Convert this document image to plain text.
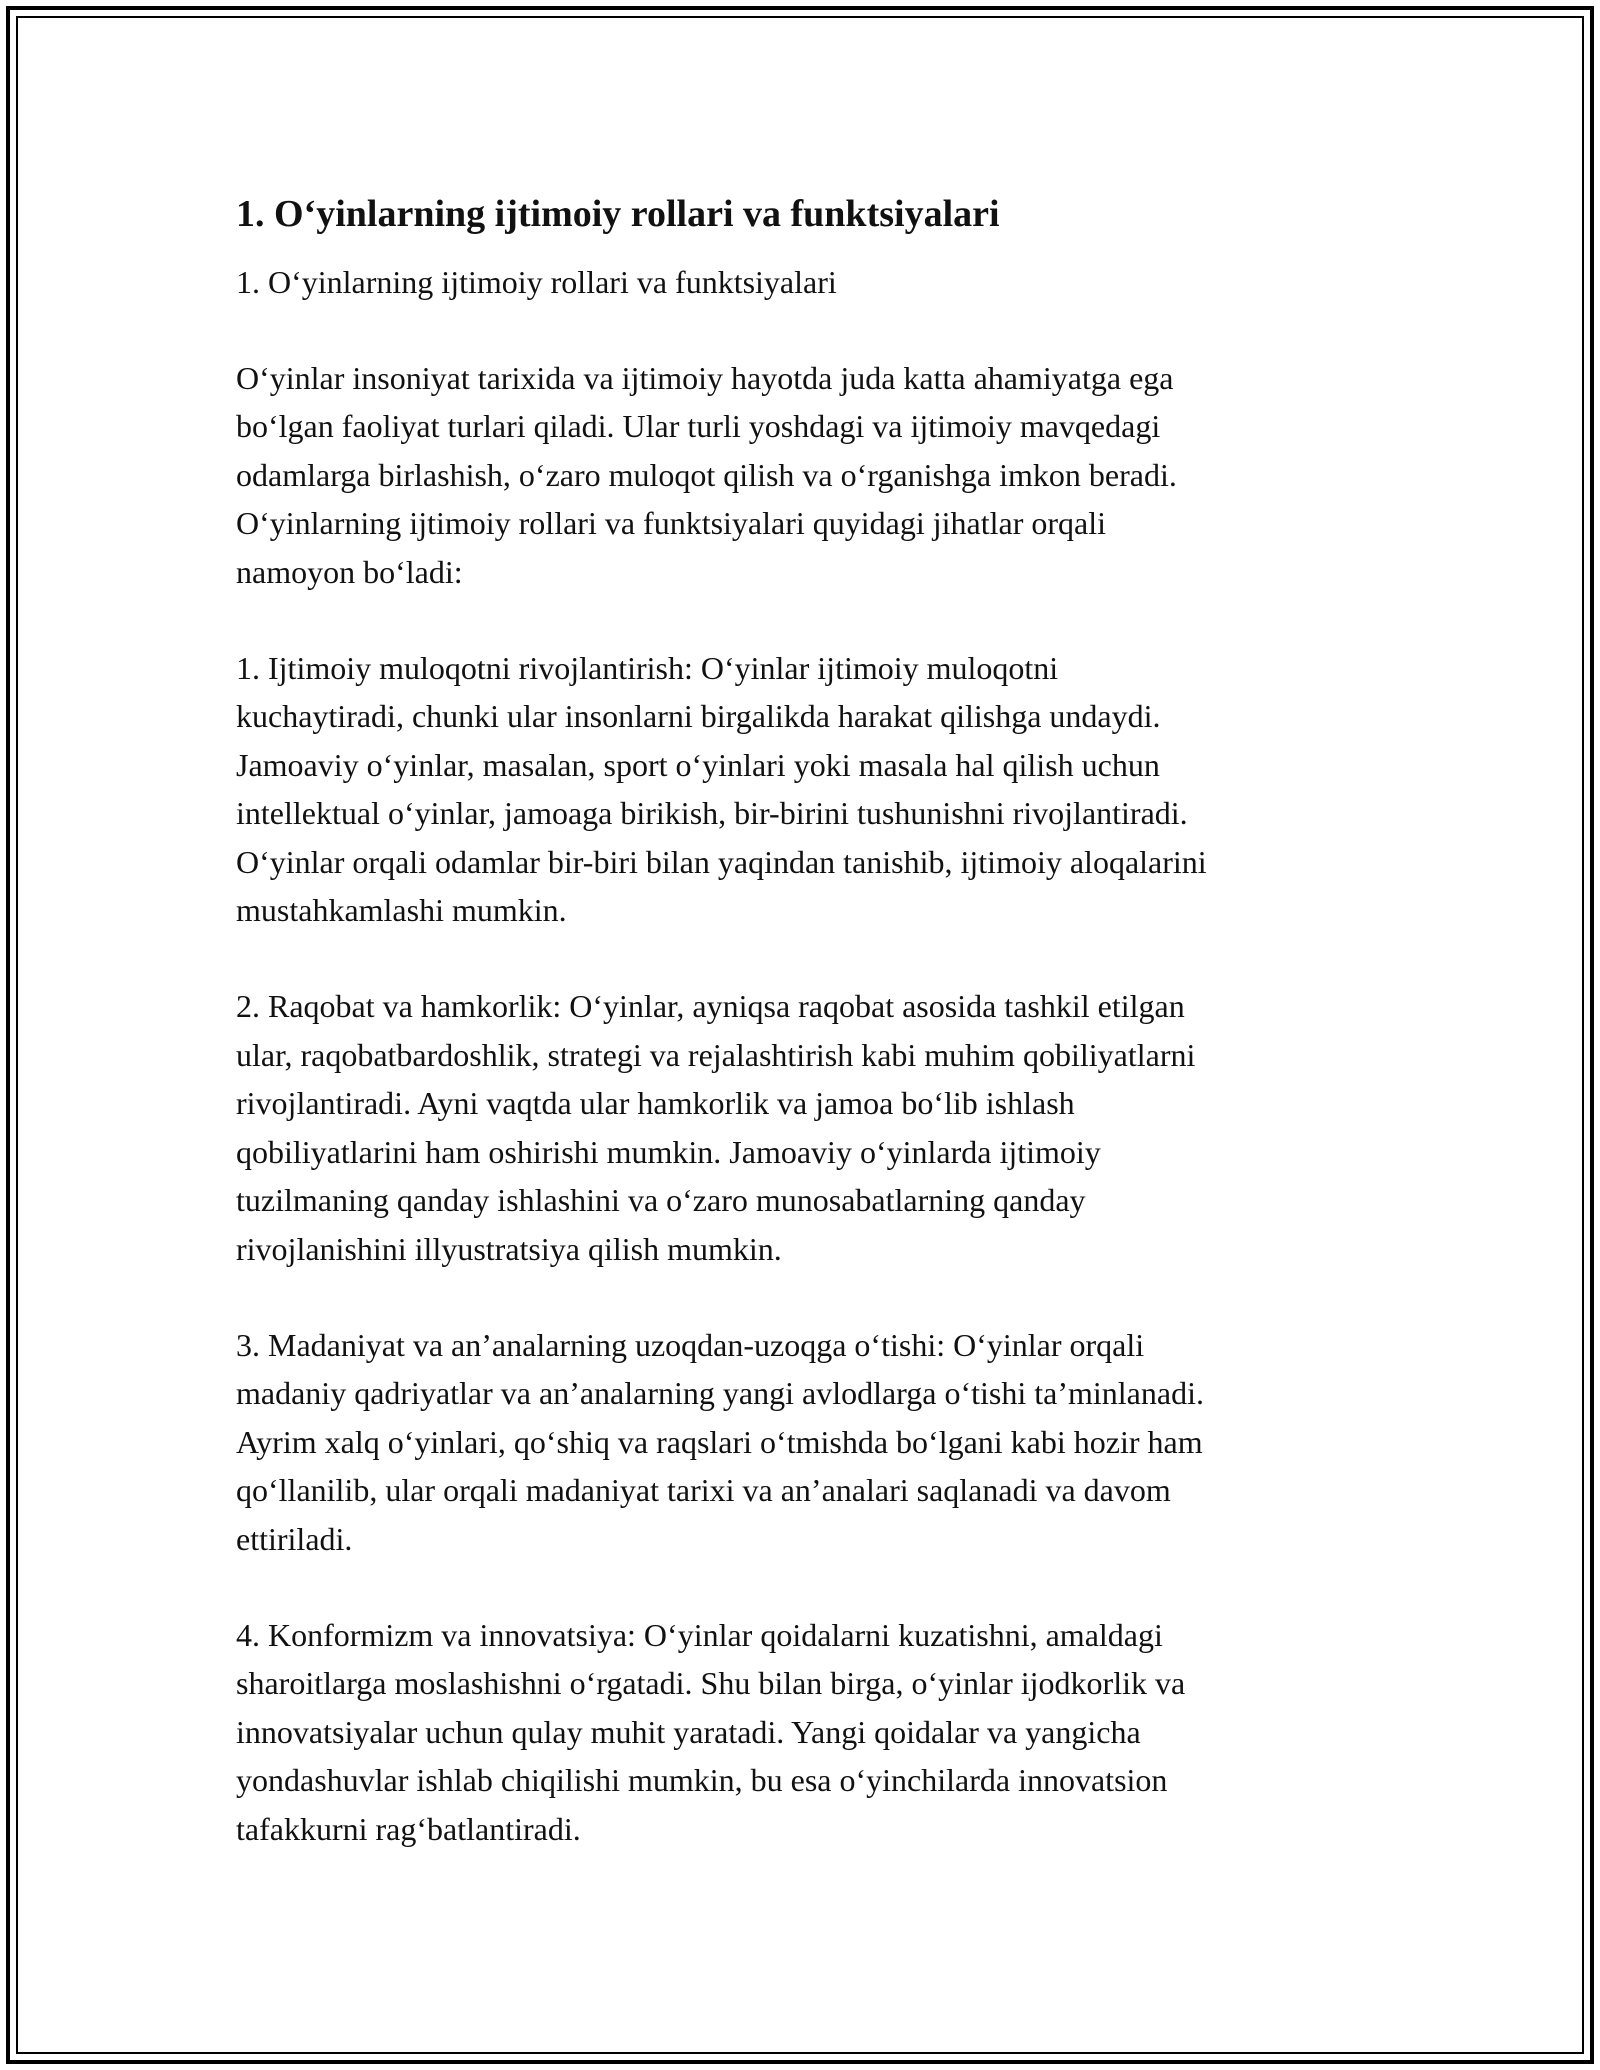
1. O‘yinlarning ijtimoiy rollari va funktsiyalari

1. O‘yinlarning ijtimoiy rollari va funktsiyalari

O‘yinlar insoniyat tarixida va ijtimoiy hayotda juda katta ahamiyatga ega
bo‘lgan faoliyat turlari qiladi. Ular turli yoshdagi va ijtimoiy mavqedagi
odamlarga birlashish, o‘zaro muloqot qilish va o‘rganishga imkon beradi.
O‘yinlarning ijtimoiy rollari va funktsiyalari quyidagi jihatlar orqali
namoyon bo‘ladi:

1. Ijtimoiy muloqotni rivojlantirish: O‘yinlar ijtimoiy muloqotni
kuchaytiradi, chunki ular insonlarni birgalikda harakat qilishga undaydi.
Jamoaviy o‘yinlar, masalan, sport o‘yinlari yoki masala hal qilish uchun
intellektual o‘yinlar, jamoaga birikish, bir-birini tushunishni rivojlantiradi.
O‘yinlar orqali odamlar bir-biri bilan yaqindan tanishib, ijtimoiy aloqalarini
mustahkamlashi mumkin.

2. Raqobat va hamkorlik: O‘yinlar, ayniqsa raqobat asosida tashkil etilgan
ular, raqobatbardoshlik, strategi va rejalashtirish kabi muhim qobiliyatlarni
rivojlantiradi. Ayni vaqtda ular hamkorlik va jamoa bo‘lib ishlash
qobiliyatlarini ham oshirishi mumkin. Jamoaviy o‘yinlarda ijtimoiy
tuzilmaning qanday ishlashini va o‘zaro munosabatlarning qanday
rivojlanishini illyustratsiya qilish mumkin.

3. Madaniyat va an’analarning uzoqdan-uzoqga o‘tishi: O‘yinlar orqali
madaniy qadriyatlar va an’analarning yangi avlodlarga o‘tishi ta’minlanadi.
Ayrim xalq o‘yinlari, qo‘shiq va raqslari o‘tmishda bo‘lgani kabi hozir ham
qo‘llanilib, ular orqali madaniyat tarixi va an’analari saqlanadi va davom
ettiriladi.

4. Konformizm va innovatsiya: O‘yinlar qoidalarni kuzatishni, amaldagi
sharoitlarga moslashishni o‘rgatadi. Shu bilan birga, o‘yinlar ijodkorlik va
innovatsiyalar uchun qulay muhit yaratadi. Yangi qoidalar va yangicha
yondashuvlar ishlab chiqilishi mumkin, bu esa o‘yinchilarda innovatsion
tafakkurni rag‘batlantiradi.
